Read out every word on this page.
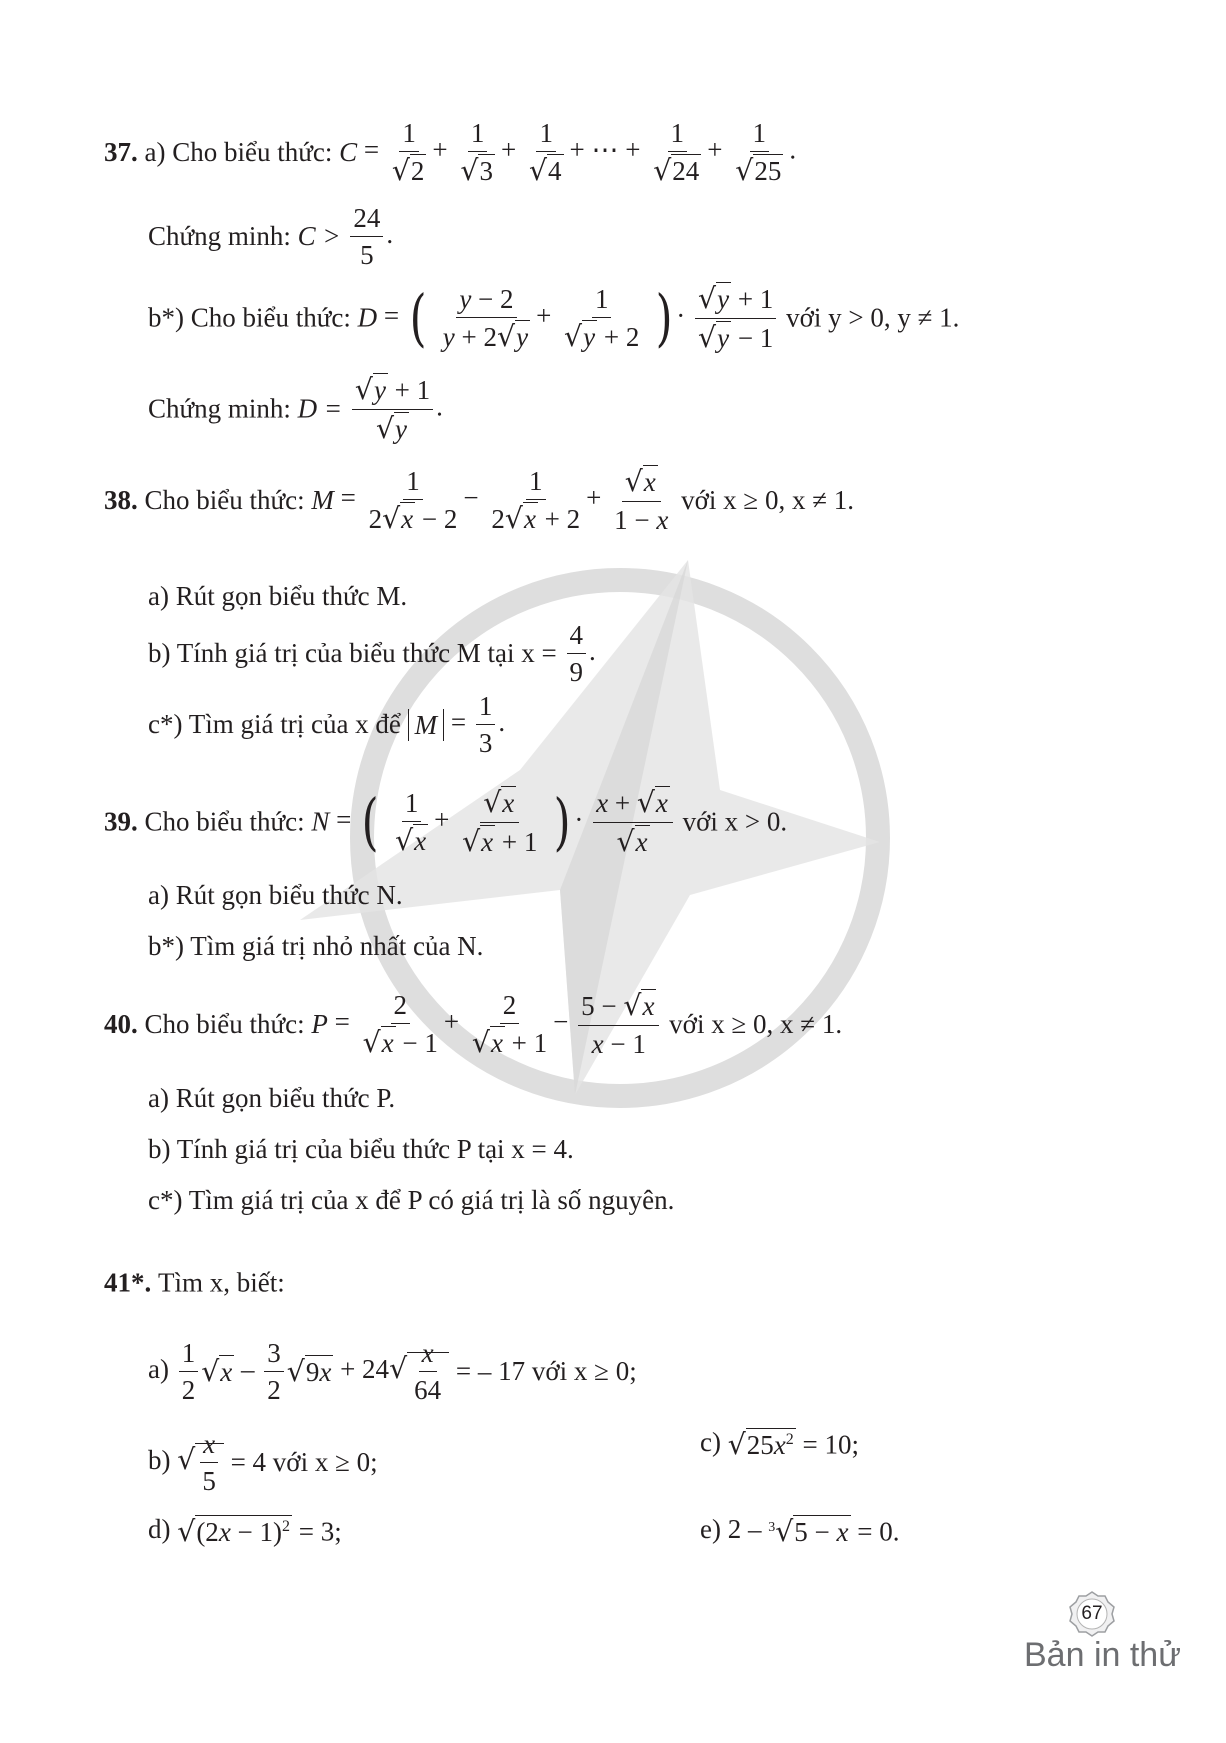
37. a) Cho biểu thức: $C = \frac{1}{√2} + \frac{1}{√3} + \frac{1}{√4}$ + ⋯ + $\frac{1}{√24} + \frac{1}{√25}$ .
Chứng minh: $C > \frac{24}{5}$ .
b*) Cho biểu thức: D = ( $\frac{y - 2}{y + 2√y} + \frac{1}{√y + 2}$ ) · $\frac{√y + 1}{√y - 1}$ với y > 0, y ≠ 1.
Chứng minh: $D = \frac{√y + 1}{√y}$ .
38. Cho biểu thức: $M = \frac{1}{2√x - 2} - \frac{1}{2√x + 2} + \frac{√x}{1 - x}$ với x ≥ 0, x ≠ 1.
a) Rút gọn biểu thức M.
b) Tính giá trị của biểu thức M tại $x = \frac{4}{9}$ .
c*) Tìm giá trị của x để $M = \frac{1}{3}$ .
39. Cho biểu thức: N = ( $\frac{1}{√x} + \frac{√x}{√x + 1}$ ) · $\frac{x + √x}{√x}$ với x > 0.
a) Rút gọn biểu thức N.
b*) Tìm giá trị nhỏ nhất của N.
40. Cho biểu thức: $P = \frac{2}{√x - 1} + \frac{2}{√x + 1} - \frac{5 - √x}{x - 1}$ với x ≥ 0, x ≠ 1.
a) Rút gọn biểu thức P.
b) Tính giá trị của biểu thức P tại x = 4.
c*) Tìm giá trị của x để P có giá trị là số nguyên.
41*. Tìm x, biết:
$a) \frac{1}{2} √x - \frac{3}{2} √9x + 24√ \frac{x}{64}$ = – 17 với x ≥ 0;
b) √ $\frac{x}{5} = 4$ với x ≥ 0;
c) $√25x^2 = 10$;
d) $√(2x - 1)^2 = 3$;	e) 2 – $^3$√5 − x = 0.
67
Bản in thử
